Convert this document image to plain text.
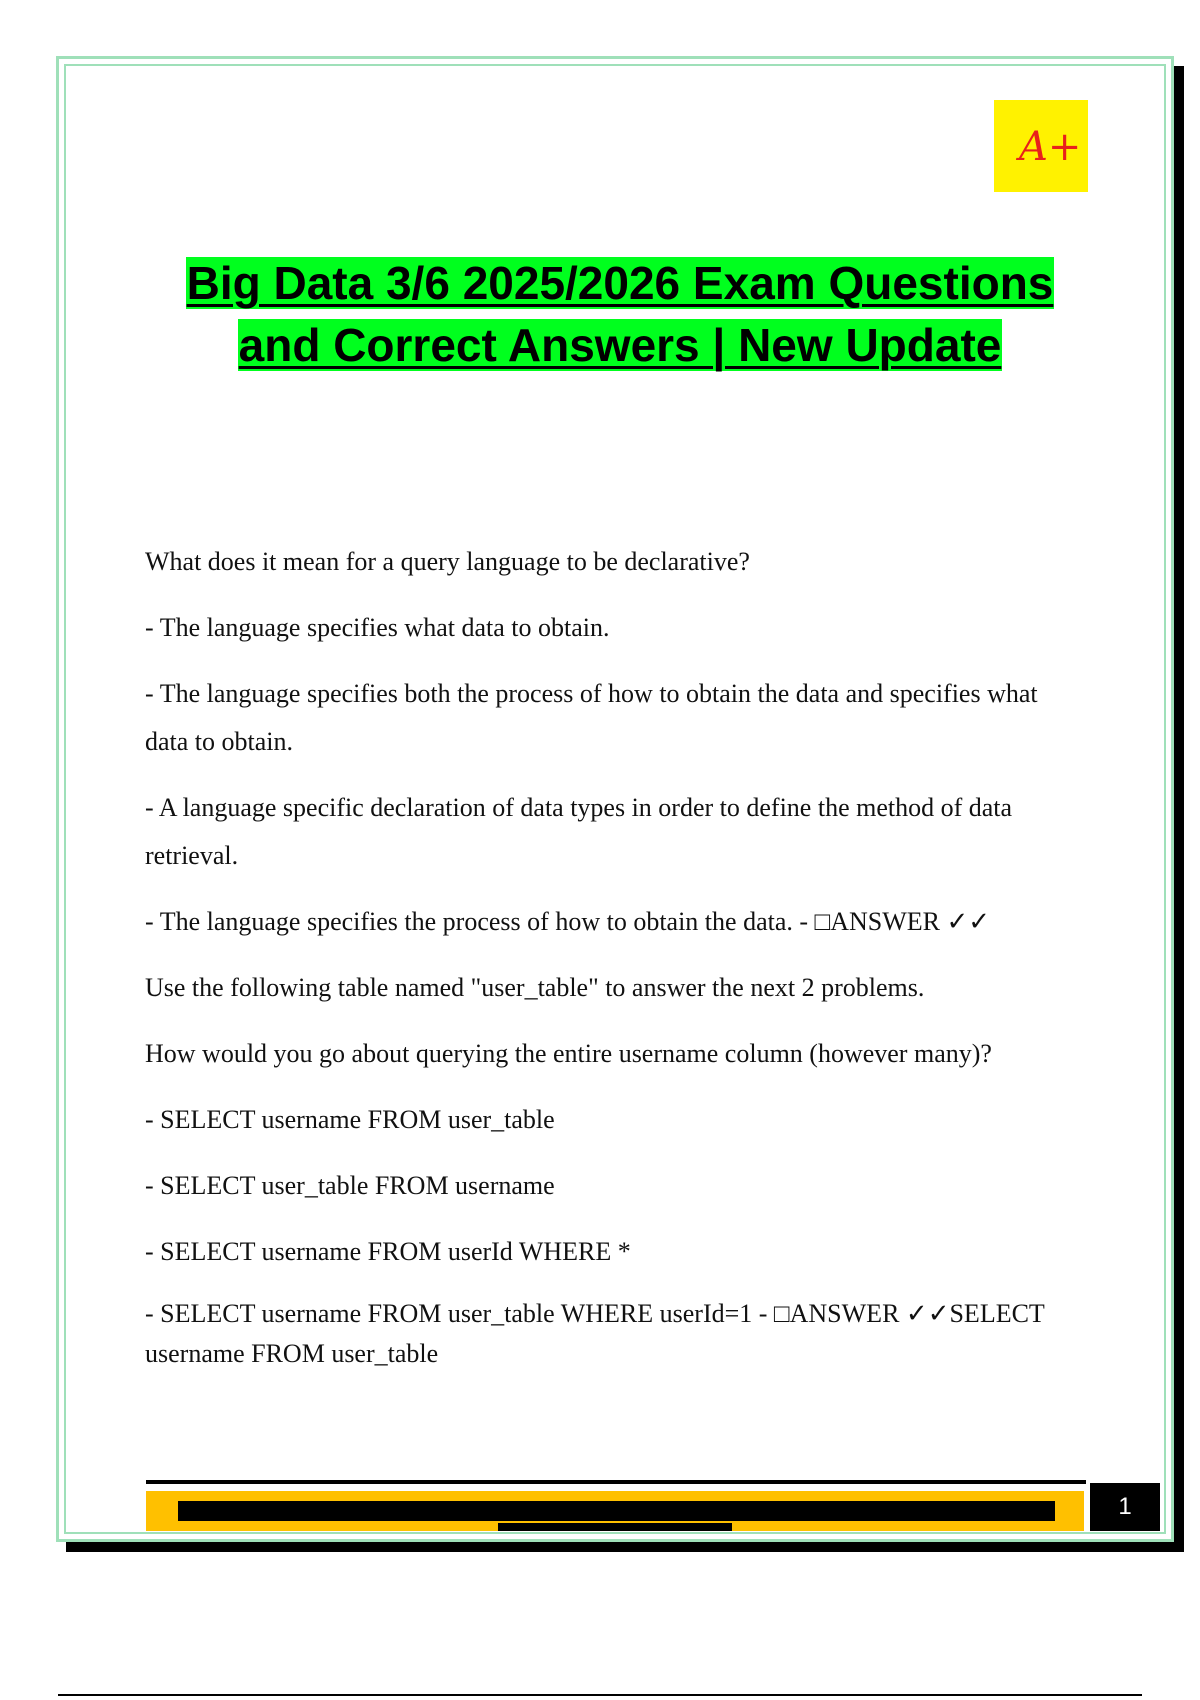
A+
Big Data 3/6 2025/2026 Exam Questions
and Correct Answers | New Update

What does it mean for a query language to be declarative?

- The language specifies what data to obtain.

- The language specifies both the process of how to obtain the data and specifies what data to obtain.

- A language specific declaration of data types in order to define the method of data retrieval.

- The language specifies the process of how to obtain the data. - □ANSWER ✓✓

Use the following table named "user_table" to answer the next 2 problems.

How would you go about querying the entire username column (however many)?

- SELECT username FROM user_table

- SELECT user_table FROM username

- SELECT username FROM userId WHERE *

- SELECT username FROM user_table WHERE userId=1 - □ANSWER ✓✓SELECT username FROM user_table

1
